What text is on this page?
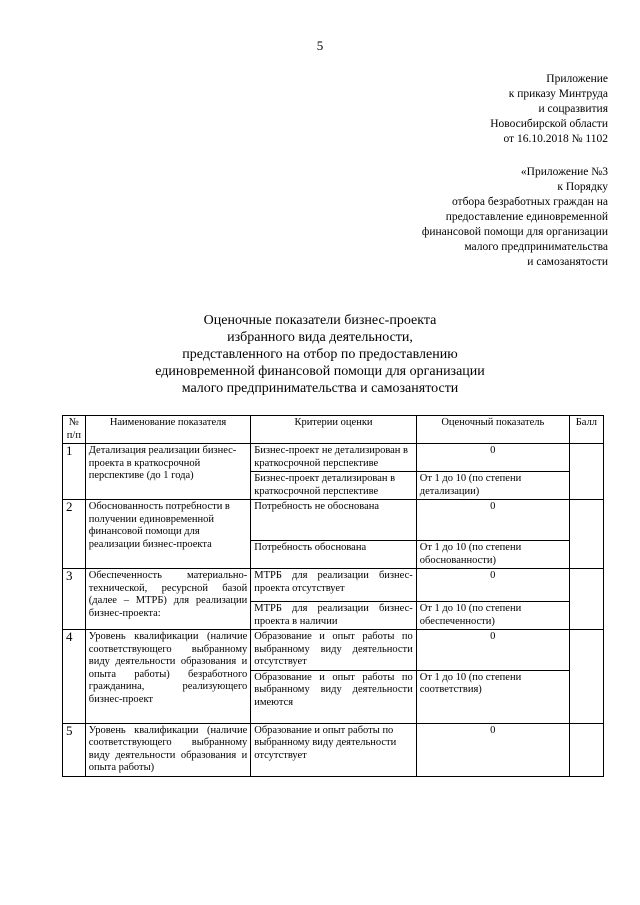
5
Приложение
к приказу Минтруда
и соцразвития
Новосибирской области
от 16.10.2018 № 1102
«Приложение №3
к Порядку
отбора безработных граждан на
предоставление единовременной
финансовой помощи для организации
малого предпринимательства
и самозанятости
Оценочные показатели бизнес-проекта
избранного вида деятельности,
представленного на отбор по предоставлению
единовременной финансовой помощи для организации
малого предпринимательства и самозанятости
№ п/п	Наименование показателя	Критерии оценки	Оценочный показатель	Балл
1	Детализация реализации бизнес-проекта в краткосрочной перспективе (до 1 года)	Бизнес-проект не детализирован в краткосрочной перспективе	0	
		Бизнес-проект детализирован в краткосрочной перспективе	От 1 до 10 (по степени детализации)	
2	Обоснованность потребности в получении единовременной финансовой помощи для реализации бизнес-проекта	Потребность не обоснована	0	
		Потребность обоснована	От 1 до 10 (по степени обоснованности)	
3	Обеспеченность материально-технической, ресурсной базой (далее – МТРБ) для реализации бизнес-проекта:	МТРБ для реализации бизнес-проекта отсутствует	0	
		МТРБ для реализации бизнес-проекта в наличии	От 1 до 10 (по степени обеспеченности)	
4	Уровень квалификации (наличие соответствующего выбранному виду деятельности образования и опыта работы) безработного гражданина, реализующего бизнес-проект	Образование и опыт работы по выбранному виду деятельности отсутствует	0	
		Образование и опыт работы по выбранному виду деятельности имеются	От 1 до 10 (по степени соответствия)	
5	Уровень квалификации (наличие соответствующего выбранному виду деятельности образования и опыта работы)	Образование и опыт работы по выбранному виду деятельности отсутствует	0	
